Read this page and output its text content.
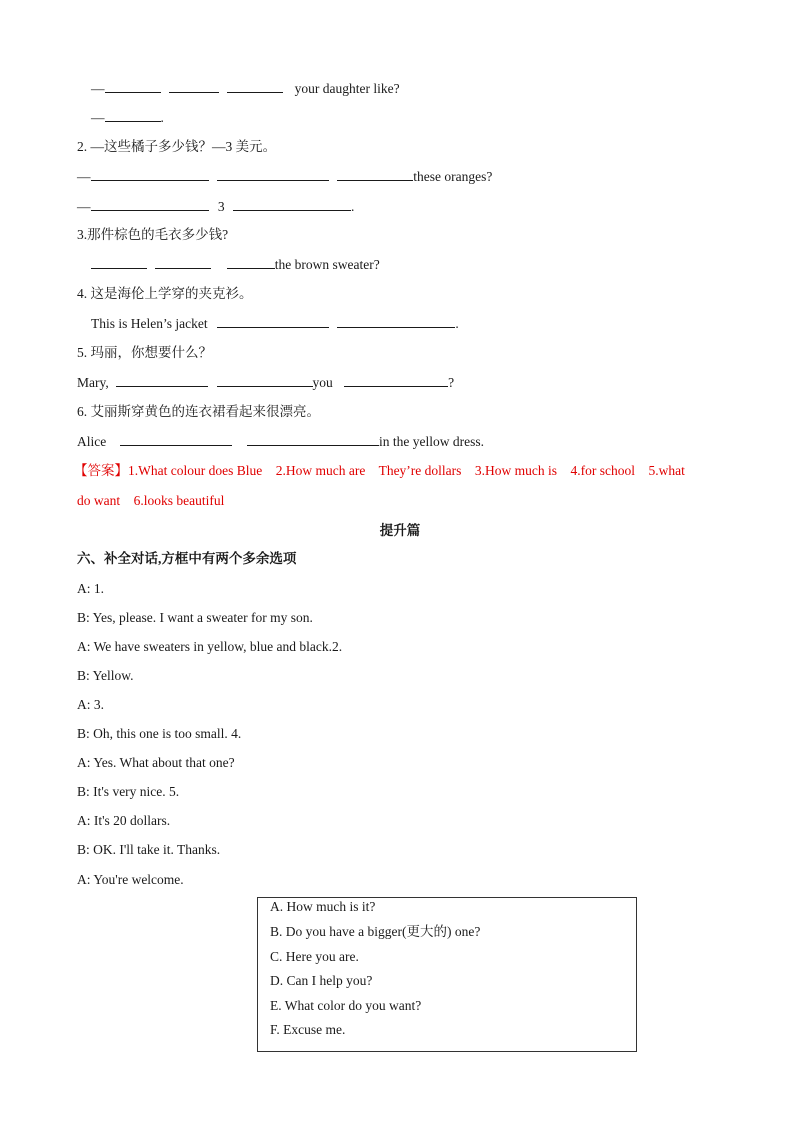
—	your daughter like?
—	.
2. —这些橘子多少钱？—3 美元。
—	these oranges?
—	3	.
3.那件棕色的毛衣多少钱?
the brown sweater?
4. 这是海伦上学穿的夹克衫。
This is Helen’s jacket	.
5. 玛丽，你想要什么？
Mary,	you	?
6. 艾丽斯穿黄色的连衣裙看起来很漂亮。
Alice	in the yellow dress.
【答案】1.What colour does Blue    2.How much are    They’re dollars    3.How much is    4.for school    5.what
do want    6.looks beautiful
提升篇
六、补全对话,方框中有两个多余选项
A: 1.
B: Yes, please. I want a sweater for my son.
A: We have sweaters in yellow, blue and black.2.
B: Yellow.
A: 3.
B: Oh, this one is too small. 4.
A: Yes. What about that one?
B: It's very nice. 5.
A: It's 20 dollars.
B: OK. I'll take it. Thanks.
A: You're welcome.
A. How much is it?
B. Do you have a bigger(更大的) one?
C. Here you are.
D. Can I help you?
E. What color do you want?
F. Excuse me.
